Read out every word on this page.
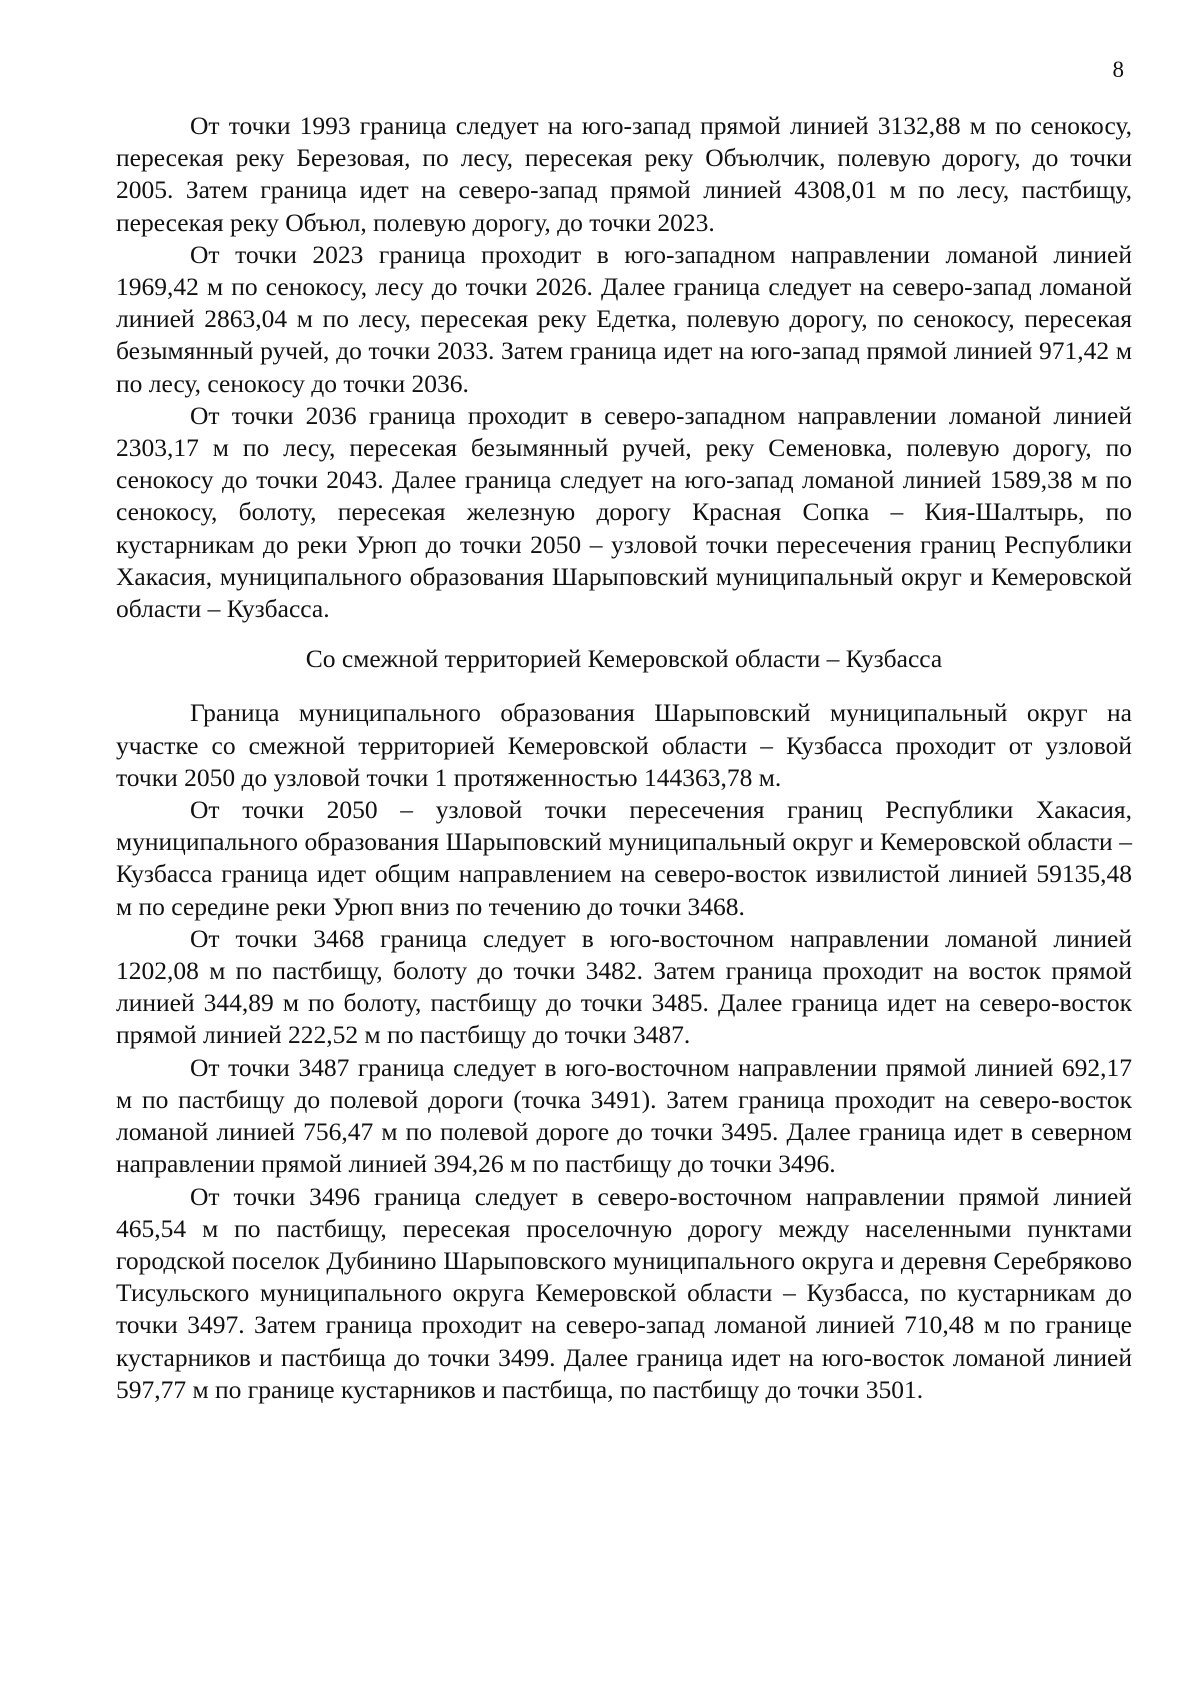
8

От точки 1993 граница следует на юго-запад прямой линией 3132,88 м по сенокосу, пересекая реку Березовая, по лесу, пересекая реку Объюлчик, полевую дорогу, до точки 2005. Затем граница идет на северо-запад прямой линией 4308,01 м по лесу, пастбищу, пересекая реку Объюл, полевую дорогу, до точки 2023.

От точки 2023 граница проходит в юго-западном направлении ломаной линией 1969,42 м по сенокосу, лесу до точки 2026. Далее граница следует на северо-запад ломаной линией 2863,04 м по лесу, пересекая реку Едетка, полевую дорогу, по сенокосу, пересекая безымянный ручей, до точки 2033. Затем граница идет на юго-запад прямой линией 971,42 м по лесу, сенокосу до точки 2036.

От точки 2036 граница проходит в северо-западном направлении ломаной линией 2303,17 м по лесу, пересекая безымянный ручей, реку Семеновка, полевую дорогу, по сенокосу до точки 2043. Далее граница следует на юго-запад ломаной линией 1589,38 м по сенокосу, болоту, пересекая железную дорогу Красная Сопка – Кия-Шалтырь, по кустарникам до реки Урюп до точки 2050 – узловой точки пересечения границ Республики Хакасия, муниципального образования Шарыповский муниципальный округ и Кемеровской области – Кузбасса.

Со смежной территорией Кемеровской области – Кузбасса

Граница муниципального образования Шарыповский муниципальный округ на участке со смежной территорией Кемеровской области – Кузбасса проходит от узловой точки 2050 до узловой точки 1 протяженностью 144363,78 м.

От точки 2050 – узловой точки пересечения границ Республики Хакасия, муниципального образования Шарыповский муниципальный округ и Кемеровской области – Кузбасса граница идет общим направлением на северо-восток извилистой линией 59135,48 м по середине реки Урюп вниз по течению до точки 3468.

От точки 3468 граница следует в юго-восточном направлении ломаной линией 1202,08 м по пастбищу, болоту до точки 3482. Затем граница проходит на восток прямой линией 344,89 м по болоту, пастбищу до точки 3485. Далее граница идет на северо-восток прямой линией 222,52 м по пастбищу до точки 3487.

От точки 3487 граница следует в юго-восточном направлении прямой линией 692,17 м по пастбищу до полевой дороги (точка 3491). Затем граница проходит на северо-восток ломаной линией 756,47 м по полевой дороге до точки 3495. Далее граница идет в северном направлении прямой линией 394,26 м по пастбищу до точки 3496.

От точки 3496 граница следует в северо-восточном направлении прямой линией 465,54 м по пастбищу, пересекая проселочную дорогу между населенными пунктами городской поселок Дубинино Шарыповского муниципального округа и деревня Серебряково Тисульского муниципального округа Кемеровской области – Кузбасса, по кустарникам до точки 3497. Затем граница проходит на северо-запад ломаной линией 710,48 м по границе кустарников и пастбища до точки 3499. Далее граница идет на юго-восток ломаной линией 597,77 м по границе кустарников и пастбища, по пастбищу до точки 3501.
